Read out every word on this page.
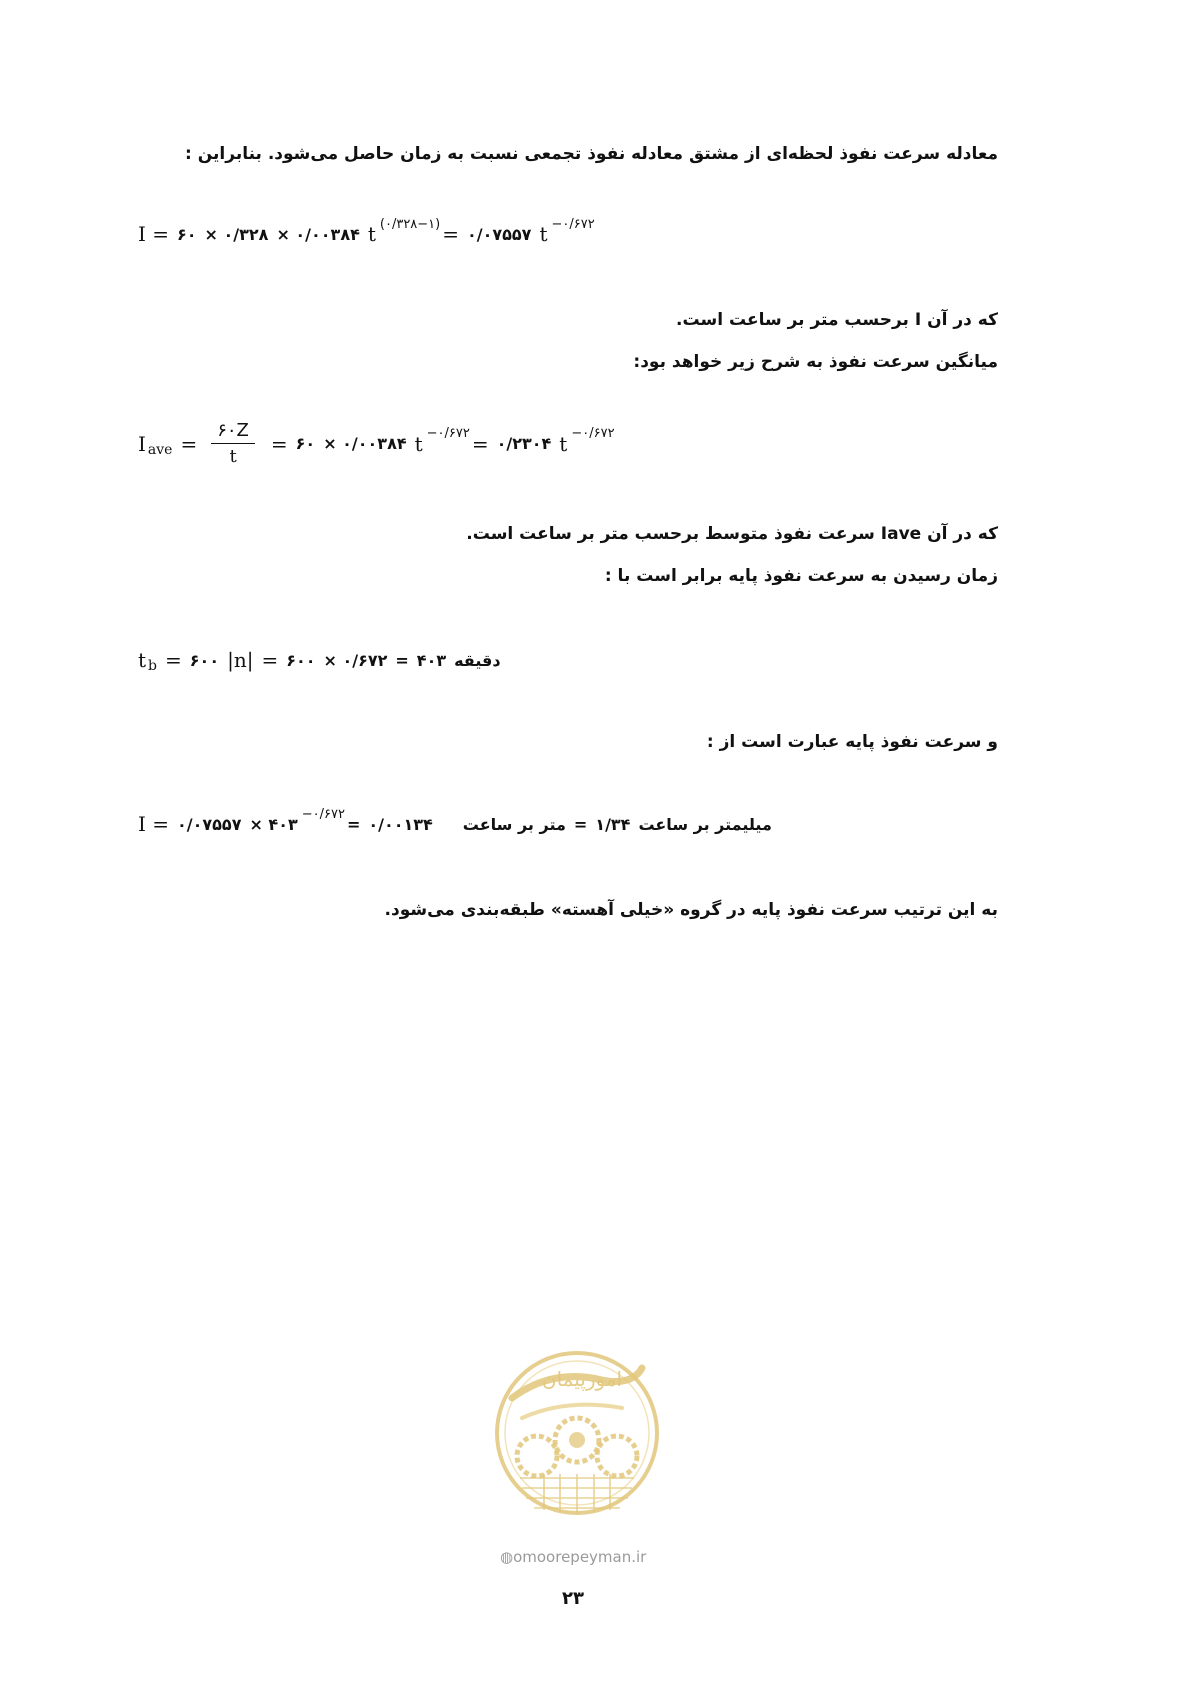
معادله سرعت نفوذ لحظه‌ای از مشتق معادله نفوذ تجمعی نسبت به زمان حاصل می‌شود. بنابراین :
I = ۶۰ × ۰/۳۲۸ × ۰/۰۰۳۸۴ t (۰/۳۲۸−۱) = ۰/۰۷۵۵۷ t −۰/۶۷۲
که در آن I برحسب متر بر ساعت است.
میانگین سرعت نفوذ به شرح زیر خواهد بود:
I ave = $\frac{۶۰Z}{t}$ = ۶۰ × ۰/۰۰۳۸۴ t −۰/۶۷۲ = ۰/۲۳۰۴ t −۰/۶۷۲
که در آن Iave سرعت نفوذ متوسط برحسب متر بر ساعت است.
زمان رسیدن به سرعت نفوذ پایه برابر است با :
t b = ۶۰۰ |n| = ۶۰۰ × ۰/۶۷۲ = ۴۰۳ دقیقه
و سرعت نفوذ پایه عبارت است از :
I = ۰/۰۷۵۵۷ × ۴۰۳
−۰/۶۷۲
= ۰/۰۰۱۳۴ متر بر ساعت = ۱/۳۴ میلیمتر بر ساعت
به این ترتیب سرعت نفوذ پایه در گروه «خیلی آهسته» طبقه‌بندی می‌شود.
امورپیمان
◍omoorepeyman.ir
۲۳
